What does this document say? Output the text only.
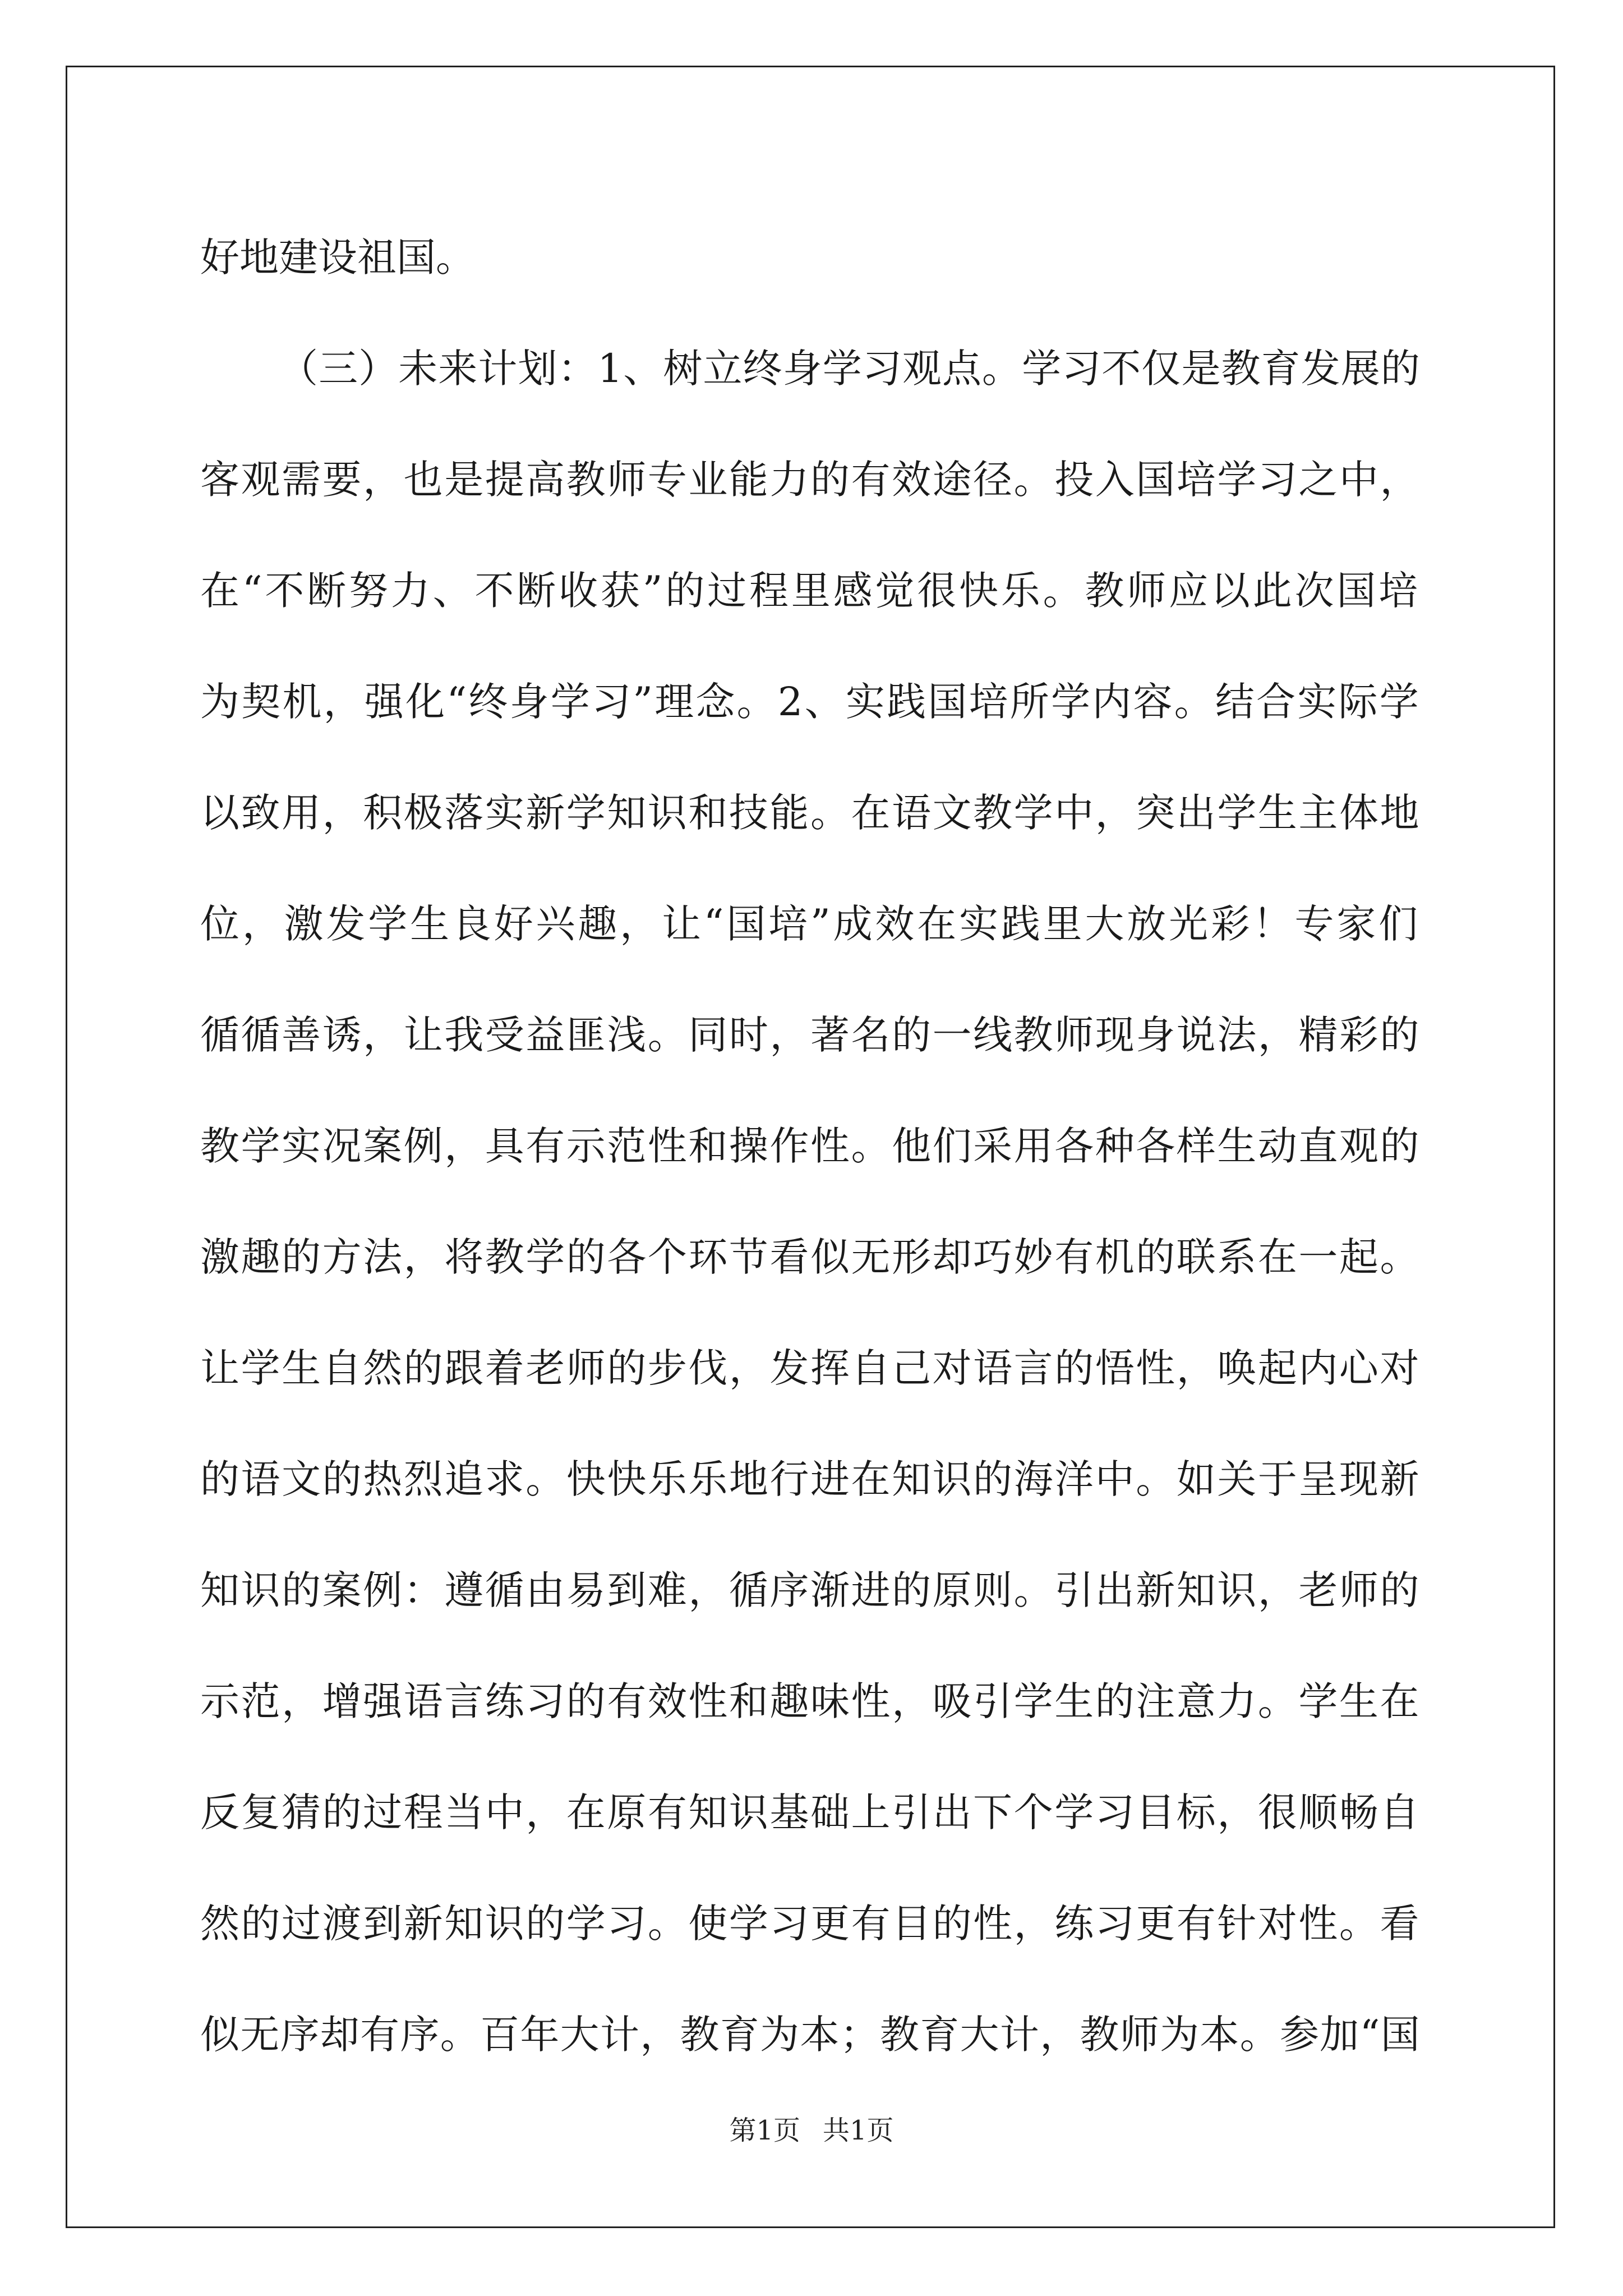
好地建设祖国。
（三）未来计划：1、树立终身学习观点。学习不仅是教育发展的
客观需要，也是提高教师专业能力的有效途径。投入国培学习之中，
在“不断努力、不断收获”的过程里感觉很快乐。教师应以此次国培
为契机，强化“终身学习”理念。2、实践国培所学内容。结合实际学
以致用，积极落实新学知识和技能。在语文教学中，突出学生主体地
位，激发学生良好兴趣，让“国培”成效在实践里大放光彩！专家们
循循善诱，让我受益匪浅。同时，著名的一线教师现身说法，精彩的
教学实况案例，具有示范性和操作性。他们采用各种各样生动直观的
激趣的方法，将教学的各个环节看似无形却巧妙有机的联系在一起。
让学生自然的跟着老师的步伐，发挥自己对语言的悟性，唤起内心对
的语文的热烈追求。快快乐乐地行进在知识的海洋中。如关于呈现新
知识的案例：遵循由易到难，循序渐进的原则。引出新知识，老师的
示范，增强语言练习的有效性和趣味性，吸引学生的注意力。学生在
反复猜的过程当中，在原有知识基础上引出下个学习目标，很顺畅自
然的过渡到新知识的学习。使学习更有目的性，练习更有针对性。看
似无序却有序。百年大计，教育为本；教育大计，教师为本。参加“国
第1页 共1页
